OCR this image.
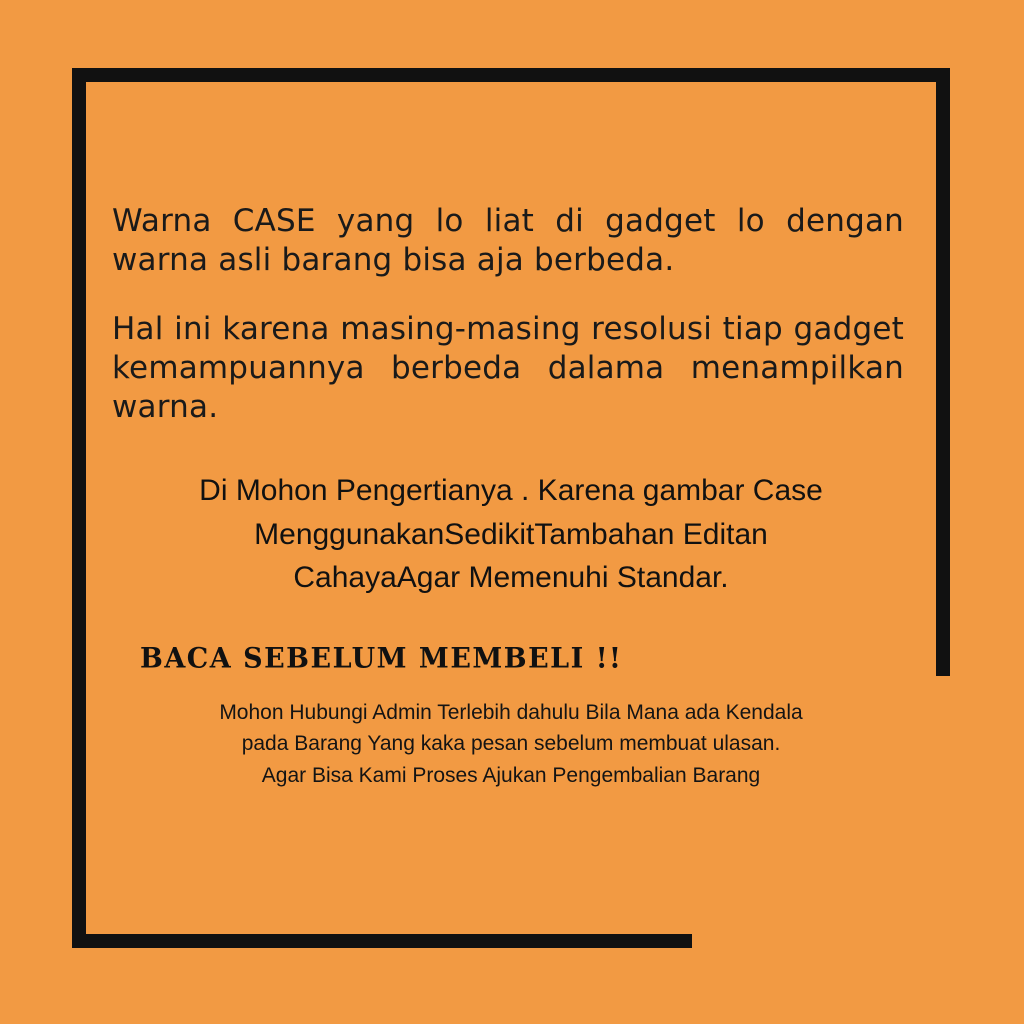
Warna CASE yang lo liat di gadget lo dengan warna asli barang bisa aja berbeda.

Hal ini karena masing-masing resolusi tiap gadget kemampuannya berbeda dalama menampilkan warna.

Di Mohon Pengertianya . Karena gambar Case
MenggunakanSedikitTambahan Editan
CahayaAgar Memenuhi Standar.
BACA SEBELUM MEMBELI !!
Mohon Hubungi Admin Terlebih dahulu Bila Mana ada Kendala
pada Barang Yang kaka pesan sebelum membuat ulasan.
Agar Bisa Kami Proses Ajukan Pengembalian Barang
